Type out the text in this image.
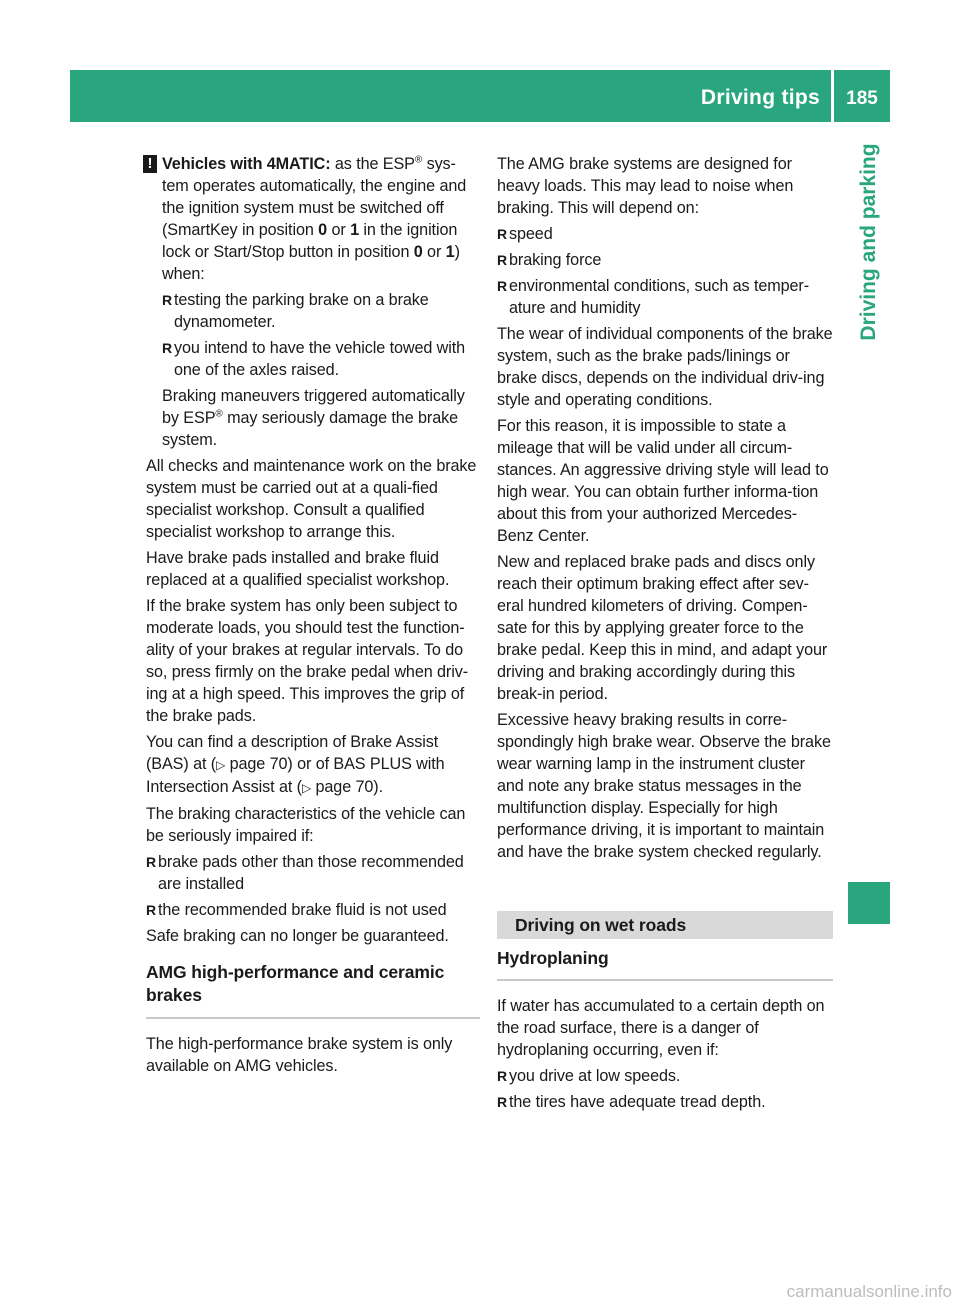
Driving tips	185
Driving and parking
! Vehicles with 4MATIC: as the ESP® sys-tem operates automatically, the engine and the ignition system must be switched off (SmartKey in position 0 or 1 in the ignition lock or Start/Stop button in position 0 or 1) when:

R testing the parking brake on a brake dynamometer.
R you intend to have the vehicle towed with one of the axles raised.

Braking maneuvers triggered automatically by ESP® may seriously damage the brake system.

All checks and maintenance work on the brake system must be carried out at a quali-fied specialist workshop. Consult a qualified specialist workshop to arrange this.

Have brake pads installed and brake fluid replaced at a qualified specialist workshop.

If the brake system has only been subject to moderate loads, you should test the function-ality of your brakes at regular intervals. To do so, press firmly on the brake pedal when driv-ing at a high speed. This improves the grip of the brake pads.

You can find a description of Brake Assist (BAS) at (▷ page 70) or of BAS PLUS with Intersection Assist at (▷ page 70).

The braking characteristics of the vehicle can be seriously impaired if:

R brake pads other than those recommended are installed
R the recommended brake fluid is not used

Safe braking can no longer be guaranteed.

AMG high-performance and ceramic brakes

The high-performance brake system is only available on AMG vehicles.

The AMG brake systems are designed for heavy loads. This may lead to noise when braking. This will depend on:

R speed
R braking force
R environmental conditions, such as temper-ature and humidity

The wear of individual components of the brake system, such as the brake pads/linings or brake discs, depends on the individual driv-ing style and operating conditions.

For this reason, it is impossible to state a mileage that will be valid under all circum-stances. An aggressive driving style will lead to high wear. You can obtain further informa-tion about this from your authorized Mercedes-Benz Center.

New and replaced brake pads and discs only reach their optimum braking effect after sev-eral hundred kilometers of driving. Compen-sate for this by applying greater force to the brake pedal. Keep this in mind, and adapt your driving and braking accordingly during this break-in period.

Excessive heavy braking results in corre-spondingly high brake wear. Observe the brake wear warning lamp in the instrument cluster and note any brake status messages in the multifunction display. Especially for high performance driving, it is important to maintain and have the brake system checked regularly.

Driving on wet roads
Hydroplaning

If water has accumulated to a certain depth on the road surface, there is a danger of hydroplaning occurring, even if:

R you drive at low speeds.
R the tires have adequate tread depth.
carmanualsonline.info
